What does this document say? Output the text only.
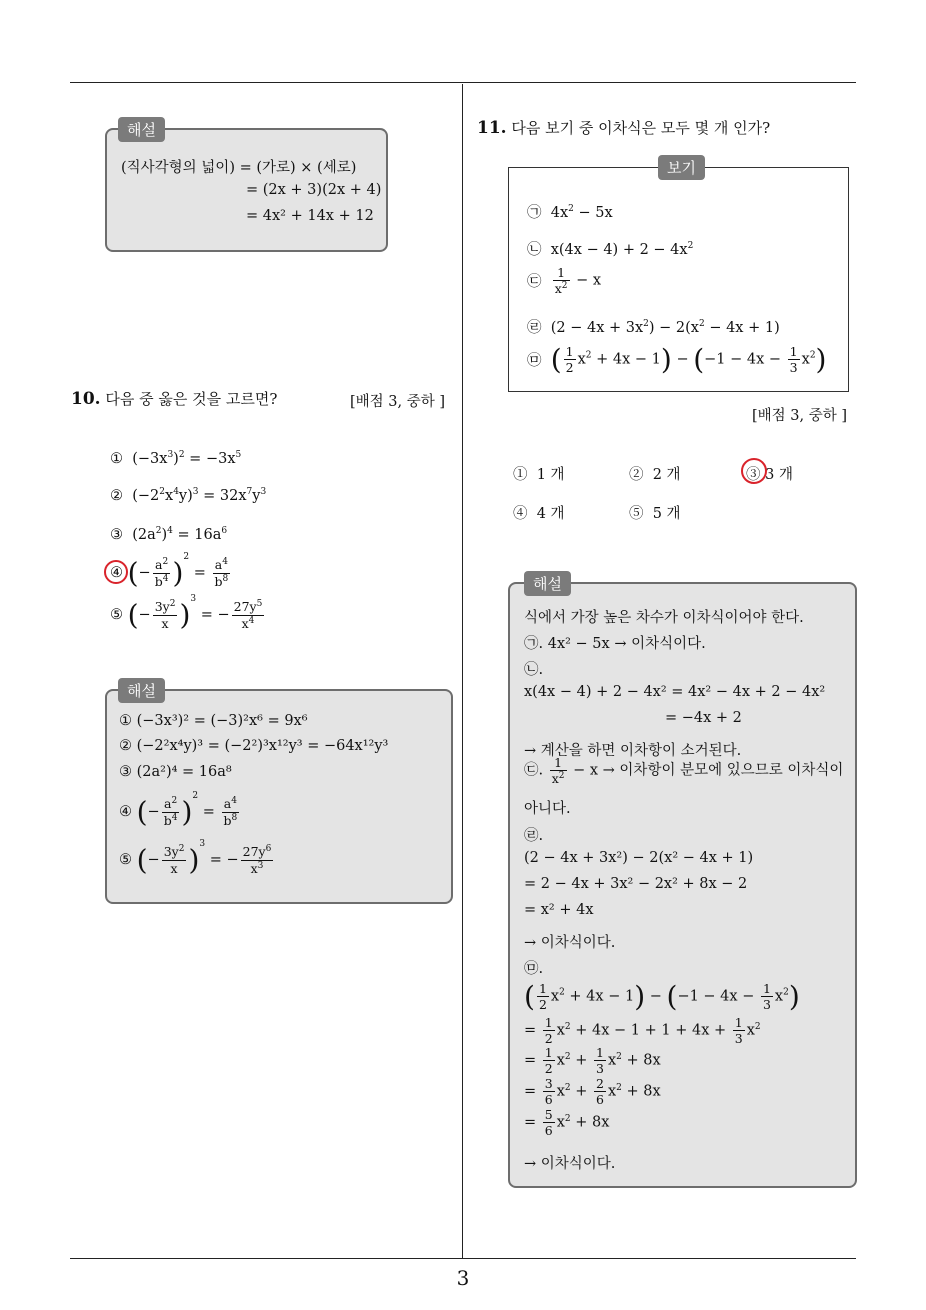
3
(직사각형의 넓이) = (가로) × (세로)
= (2x + 3)(2x + 4)
= 4x² + 14x + 12
해설
10. 다음 중 옳은 것을 고르면?	[배점 3, 중하 ]
① $(-3x^3)^2 = -3x^5$
② $(-2^2x^4y)^3 = 32x^7y^3$
③ $(2a^2)^4 = 16a^6$
④ (− $\frac{a^2}{b^4} )^2 = \frac{a^4}{b^8}$
⑤ (− $\frac{3y^2}{x} )^3$ = − $\frac{27y^5}{x^4}$
① (−3x³)² = (−3)²x⁶ = 9x⁶
② (−2²x⁴y)³ = (−2²)³x¹²y³ = −64x¹²y³
③ (2a²)⁴ = 16a⁸
④ (− $\frac{a^2}{b^4} )^2 = \frac{a^4}{b^8}$
⑤ (− $\frac{3y^2}{x} )^3$ = − $\frac{27y^6}{x^3}$
해설
11. 다음 보기 중 이차식은 모두 몇 개 인가?
㉠  $4x^2 - 5x$
㉡  $x(4x - 4) + 2 - 4x^2$
㉢ $\frac{1}{x^2} - x$
㉣  $(2 - 4x + 3x^2) - 2(x^2 - 4x + 1)$
㉤ ( $\frac{1}{2} x^2 + 4x - 1) - (-1 - 4x - \frac{1}{3} x^2)$
보기
[배점 3, 중하 ]
① 1 개	② 2 개	③ 3 개
④ 4 개	⑤ 5 개
식에서 가장 높은 차수가 이차식이어야 한다.
㉠. 4x² − 5x → 이차식이다.
㉡.
x(4x − 4) + 2 − 4x² = 4x² − 4x + 2 − 4x²
= −4x + 2
→ 계산을 하면 이차항이 소거된다.
㉢. $\frac{1}{x^2} - x$ → 이차항이 분모에 있으므로 이차식이
아니다.
㉣.
(2 − 4x + 3x²) − 2(x² − 4x + 1)
= 2 − 4x + 3x² − 2x² + 8x − 2
= x² + 4x
→ 이차식이다.
㉤.
( $\frac{1}{2} x^2 + 4x - 1) - (-1 - 4x - \frac{1}{3} x^2)$
= $\frac{1}{2} x^2 + 4x - 1 + 1 + 4x + \frac{1}{3} x^2$
= $\frac{1}{2} x^2 + \frac{1}{3} x^2 + 8x$
= $\frac{3}{6} x^2 + \frac{2}{6} x^2 + 8x$
= $\frac{5}{6} x^2 + 8x$
→ 이차식이다.
해설
